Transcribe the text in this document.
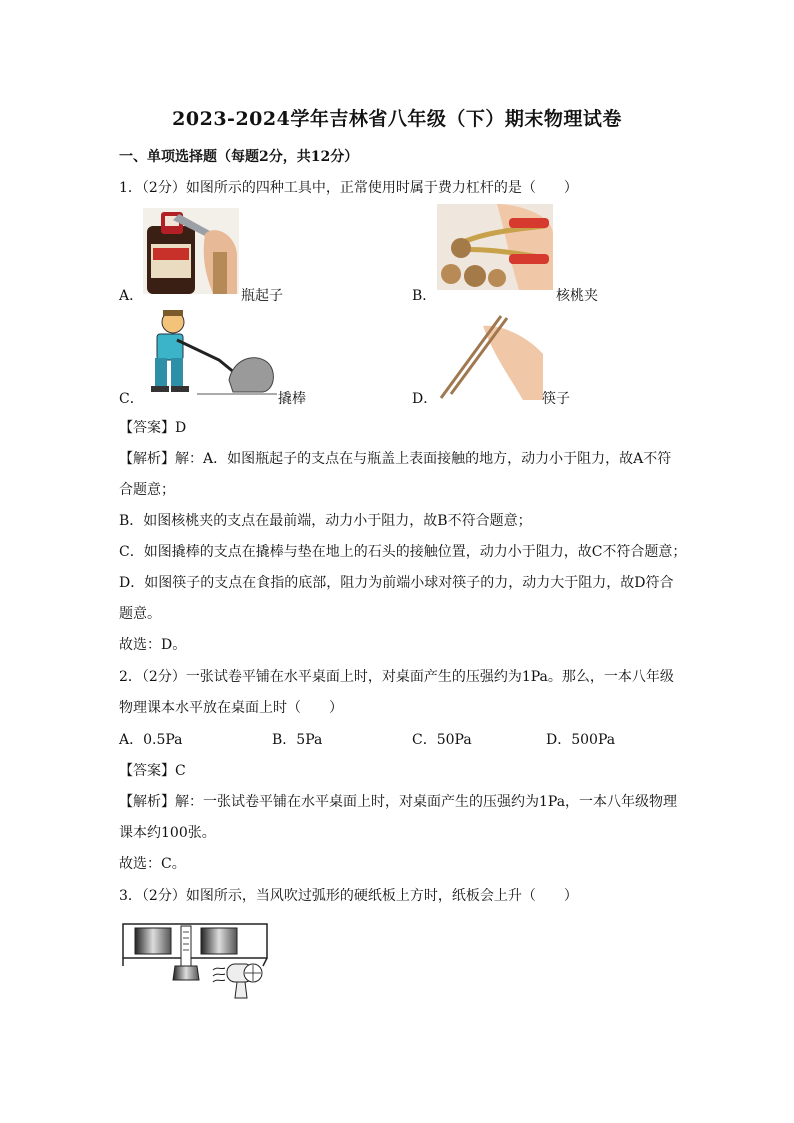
2023-2024学年吉林省八年级（下）期末物理试卷
一、单项选择题（每题2分，共12分）
1．（2分）如图所示的四种工具中，正常使用时属于费力杠杆的是（　　）
A．	瓶起子	B．	核桃夹
C．	撬棒	D．	筷子
【答案】D
【解析】解：A．如图瓶起子的支点在与瓶盖上表面接触的地方，动力小于阻力，故A不符
合题意；
B．如图核桃夹的支点在最前端，动力小于阻力，故B不符合题意；
C．如图撬棒的支点在撬棒与垫在地上的石头的接触位置，动力小于阻力，故C不符合题意；
D．如图筷子的支点在食指的底部，阻力为前端小球对筷子的力，动力大于阻力，故D符合
题意。
故选：D。
2．（2分）一张试卷平铺在水平桌面上时，对桌面产生的压强约为1Pa。那么，一本八年级
物理课本水平放在桌面上时（　　）
A．0.5Pa	B．5Pa	C．50Pa	D．500Pa
【答案】C
【解析】解：一张试卷平铺在水平桌面上时，对桌面产生的压强约为1Pa，一本八年级物理
课本约100张。
故选：C。
3．（2分）如图所示，当风吹过弧形的硬纸板上方时，纸板会上升（　　）
